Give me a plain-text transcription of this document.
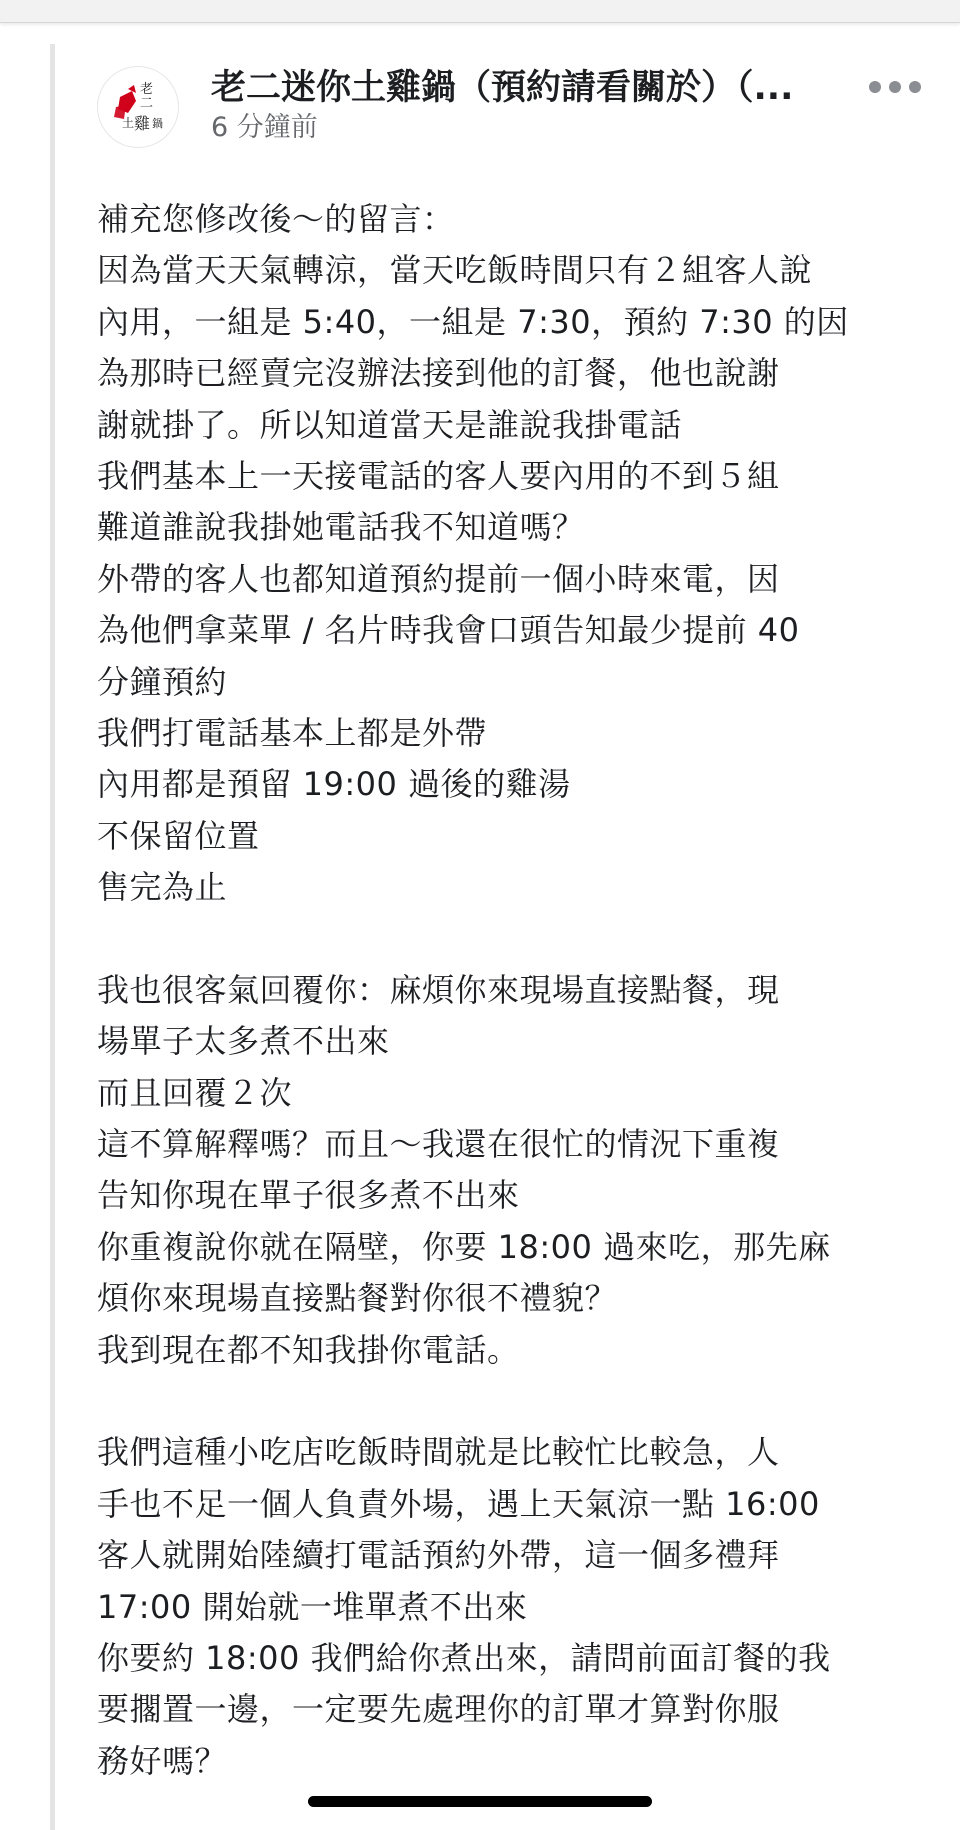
老
二
土 雞 鍋
老二迷你土雞鍋（預約請看關於）（...
6 分鐘前
補充您修改後～的留言：
因為當天天氣轉涼，當天吃飯時間只有２組客人說
內用，一組是 5:40，一組是 7:30，預約 7:30 的因
為那時已經賣完沒辦法接到他的訂餐，他也說謝
謝就掛了。所以知道當天是誰說我掛電話
我們基本上一天接電話的客人要內用的不到５組
難道誰說我掛她電話我不知道嗎？
外帶的客人也都知道預約提前一個小時來電，因
為他們拿菜單 / 名片時我會口頭告知最少提前 40
分鐘預約
我們打電話基本上都是外帶
內用都是預留 19:00 過後的雞湯
不保留位置
售完為止
我也很客氣回覆你：麻煩你來現場直接點餐，現
場單子太多煮不出來
而且回覆２次
這不算解釋嗎？而且～我還在很忙的情況下重複
告知你現在單子很多煮不出來
你重複說你就在隔壁，你要 18:00 過來吃，那先麻
煩你來現場直接點餐對你很不禮貌？
我到現在都不知我掛你電話。
我們這種小吃店吃飯時間就是比較忙比較急，人
手也不足一個人負責外場，遇上天氣涼一點 16:00
客人就開始陸續打電話預約外帶，這一個多禮拜
17:00 開始就一堆單煮不出來
你要約 18:00 我們給你煮出來，請問前面訂餐的我
要擱置一邊，一定要先處理你的訂單才算對你服
務好嗎？
